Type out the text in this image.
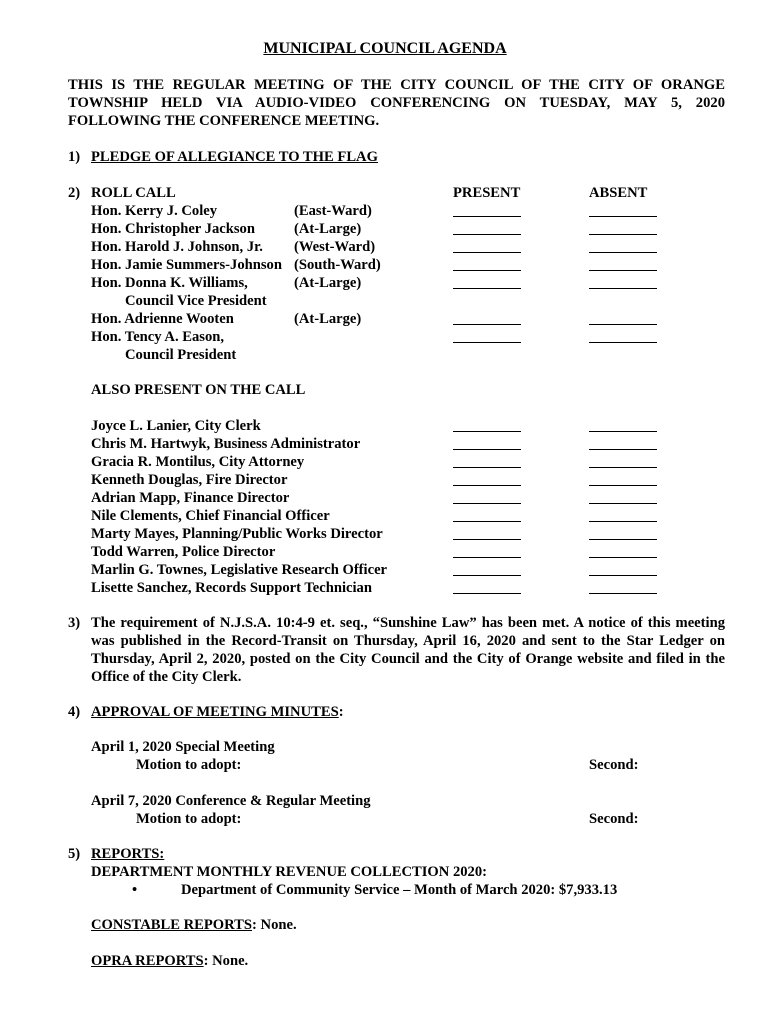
MUNICIPAL COUNCIL AGENDA
THIS IS THE REGULAR MEETING OF THE CITY COUNCIL OF THE CITY OF ORANGE
TOWNSHIP HELD VIA AUDIO-VIDEO CONFERENCING ON TUESDAY, MAY 5, 2020
FOLLOWING THE CONFERENCE MEETING.
1) PLEDGE OF ALLEGIANCE TO THE FLAG
2) ROLL CALL	PRESENT	ABSENT
Hon. Kerry J. Coley	(East-Ward)
Hon. Christopher Jackson	(At-Large)
Hon. Harold J. Johnson, Jr. (West-Ward)
Hon. Jamie Summers-Johnson (South-Ward)
Hon. Donna K. Williams,	(At-Large)
Council Vice President
Hon. Adrienne Wooten	(At-Large)
Hon. Tency A. Eason,
Council President
ALSO PRESENT ON THE CALL
Joyce L. Lanier, City Clerk
Chris M. Hartwyk, Business Administrator
Gracia R. Montilus, City Attorney
Kenneth Douglas, Fire Director
Adrian Mapp, Finance Director
Nile Clements, Chief Financial Officer
Marty Mayes, Planning/Public Works Director
Todd Warren, Police Director
Marlin G. Townes, Legislative Research Officer
Lisette Sanchez, Records Support Technician
3) The requirement of N.J.S.A. 10:4-9 et. seq., “Sunshine Law” has been met. A notice of this meeting
was published in the Record-Transit on Thursday, April 16, 2020 and sent to the Star Ledger on
Thursday, April 2, 2020, posted on the City Council and the City of Orange website and filed in the
Office of the City Clerk.
4) APPROVAL OF MEETING MINUTES:
April 1, 2020 Special Meeting
Motion to adopt:	Second:
April 7, 2020 Conference & Regular Meeting
Motion to adopt:	Second:
5) REPORTS:
DEPARTMENT MONTHLY REVENUE COLLECTION 2020:
•	Department of Community Service – Month of March 2020: $7,933.13
CONSTABLE REPORTS: None.
OPRA REPORTS: None.
